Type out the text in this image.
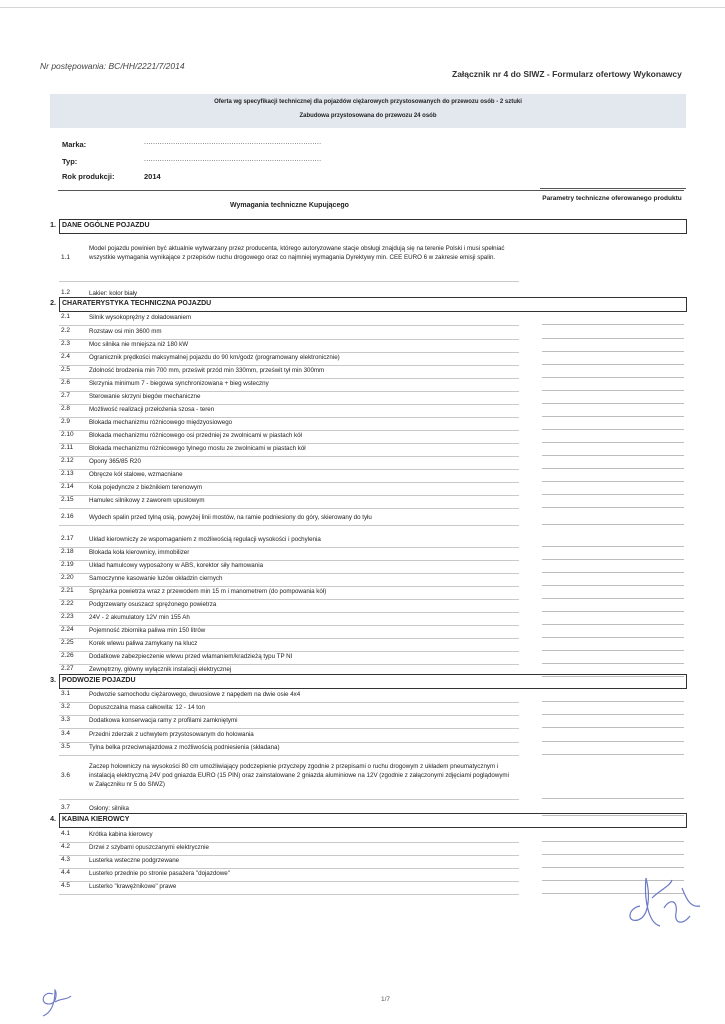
Nr postępowania: BC/HH/2221/7/2014
Załącznik nr 4 do SIWZ - Formularz ofertowy Wykonawcy
Oferta wg specyfikacji technicznej dla pojazdów ciężarowych przystosowanych do przewozu osób - 2 sztuki
Zabudowa przystosowana do przewozu 24 osób
Marka:	...............................................................................
Typ:	...............................................................................
Rok produkcji:	2014
Wymagania techniczne Kupującego
Parametry techniczne oferowanego produktu
1. DANE OGÓLNE POJAZDU
1.1
Model pojazdu powinien być aktualnie wytwarzany przez producenta, którego autoryzowane stacje obsługi znajdują się na terenie Polski i musi spełniać wszystkie wymagania wynikające z przepisów ruchu drogowego oraz co najmniej wymagania Dyrektywy min. CEE EURO 6 w zakresie emisji spalin.
1.2	Lakier: kolor biały
2. CHARATERYSTYKA TECHNICZNA POJAZDU
2.1	Silnik wysokoprężny z doładowaniem
2.2	Rozstaw osi min 3600 mm
2.3	Moc silnika nie mniejsza niż 180 kW
2.4	Ogranicznik prędkości maksymalnej pojazdu do 90 km/godz (programowany elektronicznie)
2.5	Zdolność brodzenia min 700 mm, prześwit przód min 330mm, prześwit tył min 300mm
2.6	Skrzynia minimum 7 - biegowa synchronizowana + bieg wsteczny
2.7	Sterowanie skrzyni biegów mechaniczne
2.8	Możliwość realizacji przełożenia szosa - teren
2.9	Blokada mechanizmu różnicowego międzyosiowego
2.10 Blokada mechanizmu różnicowego osi przedniej ze zwolnicami w piastach kół
2.11	Blokada mechanizmu różnicowego tylnego mostu ze zwolnicami w piastach kół
2.12 Opony 365/85 R20
2.13 Obręcze kół stalowe, wzmacniane
2.14 Koła pojedyncze z bieżnikiem terenowym
2.15 Hamulec silnikowy z zaworem upustowym
2.16 Wydech spalin przed tylną osią, powyżej linii mostów, na ramie podniesiony do góry, skierowany do tyłu
2.17 Układ kierowniczy ze wspomaganiem z możliwością regulacji wysokości i pochylenia
2.18 Blokada koła kierownicy, immobilizer
2.19 Układ hamulcowy wyposażony w ABS, korektor siły hamowania
2.20 Samoczynne kasowanie luzów okładzin ciernych
2.21 Sprężarka powietrza wraz z przewodem min 15 m i manometrem (do pompowania kół)
2.22 Podgrzewany osuszacz sprężonego powietrza
2.23 24V - 2 akumulatory 12V min 155 Ah
2.24 Pojemność zbiornika paliwa min 150 litrów
2.25 Korek wlewu paliwa zamykany na klucz
2.26 Dodatkowe zabezpieczenie wlewu przed włamaniem/kradzieżą typu TP NI
2.27 Zewnętrzny, główny wyłącznik instalacji elektrycznej
3. PODWOZIE POJAZDU
3.1	Podwozie samochodu ciężarowego, dwuosiowe z napędem na dwie osie 4x4
3.2	Dopuszczalna masa całkowita: 12 - 14 ton
3.3	Dodatkowa konserwacja ramy z profilami zamkniętymi
3.4	Przedni zderzak z uchwytem przystosowanym do holowania
3.5	Tylna belka przeciwnajazdowa z możliwością podniesienia (składana)
3.6
Zaczep holowniczy na wysokości 80 cm umożliwiający podczepienie przyczepy zgodnie z przepisami o ruchu drogowym z układem pneumatycznym i instalacją elektryczną 24V pod gniazda EURO (15 PIN) oraz zainstalowane 2 gniazda aluminiowe na 12V (zgodnie z załączonymi zdjęciami poglądowymi w Załączniku nr 5 do SIWZ)
3.7	Osłony: silnika
4. KABINA KIEROWCY
4.1	Krótka kabina kierowcy
4.2	Drzwi z szybami opuszczanymi elektrycznie
4.3	Lusterka wsteczne podgrzewane
4.4	Lusterko przednie po stronie pasażera "dojazdowe"
4.5	Lusterko "krawężnikowe" prawe
1/7
